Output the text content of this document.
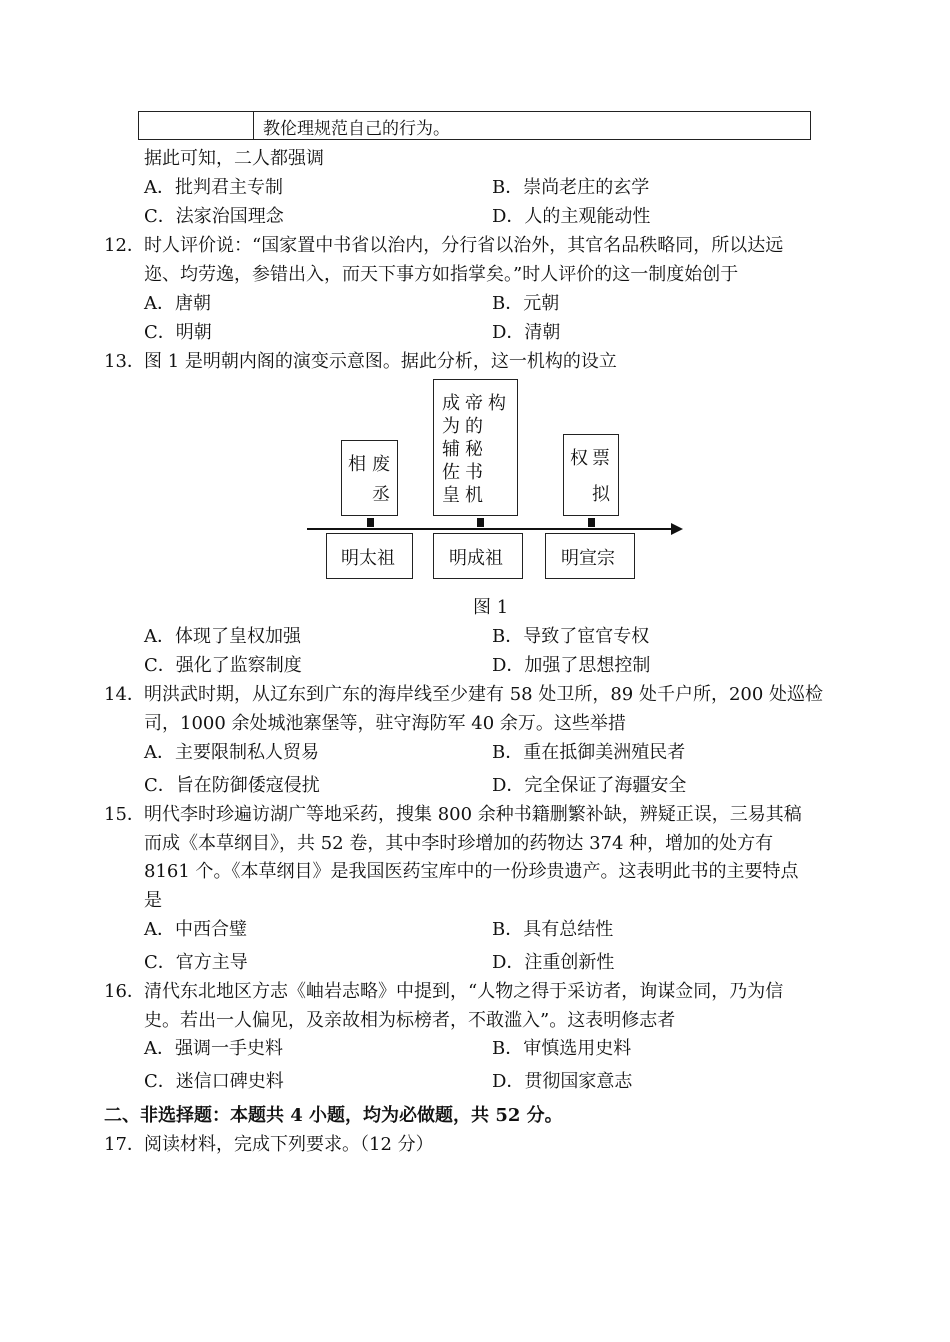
教伦理规范自己的行为。
据此可知，二人都强调
A．批判君主专制	B．崇尚老庄的玄学
C．法家治国理念	D．人的主观能动性
12． 时人评价说：“国家置中书省以治内，分行省以治外，其官名品秩略同，所以达远
迩、均劳逸，参错出入，而天下事方如指掌矣。”时人评价的这一制度始创于
A．唐朝	B．元朝
C．明朝	D．清朝
13． 图 1 是明朝内阁的演变示意图。据此分析，这一机构的设立
相 废
丞
成
为
辅
佐
皇
帝
的
秘
书
机
构
权 票
拟
明太祖	明成祖	明宣宗
图 1
A．体现了皇权加强	B．导致了宦官专权
C．强化了监察制度	D．加强了思想控制
14． 明洪武时期，从辽东到广东的海岸线至少建有 58 处卫所，89 处千户所，200 处巡检
司，1000 余处城池寨堡等，驻守海防军 40 余万。这些举措
A．主要限制私人贸易	B．重在抵御美洲殖民者
C．旨在防御倭寇侵扰	D．完全保证了海疆安全
15． 明代李时珍遍访湖广等地采药，搜集 800 余种书籍删繁补缺，辨疑正误，三易其稿
而成《本草纲目》，共 52 卷，其中李时珍增加的药物达 374 种，增加的处方有
8161 个。《本草纲目》是我国医药宝库中的一份珍贵遗产。这表明此书的主要特点
是
A．中西合璧	B．具有总结性
C．官方主导	D．注重创新性
16． 清代东北地区方志《岫岩志略》中提到，“人物之得于采访者，询谋佥同，乃为信
史。若出一人偏见，及亲故相为标榜者，不敢滥入”。这表明修志者
A．强调一手史料	B．审慎选用史料
C．迷信口碑史料	D．贯彻国家意志
二、非选择题：本题共 4 小题，均为必做题，共 52 分。
17． 阅读材料，完成下列要求。（12 分）
